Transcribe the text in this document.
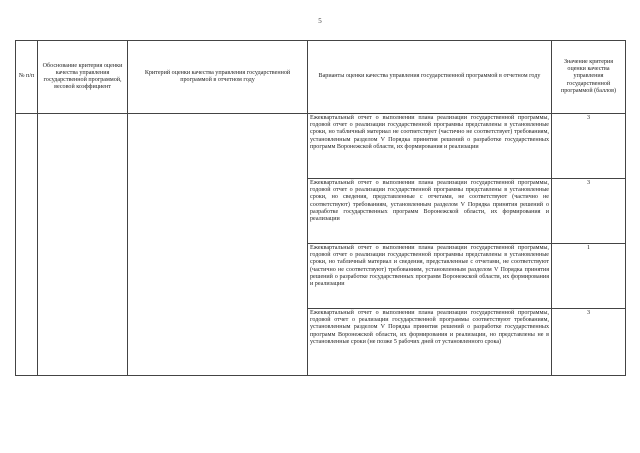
5
№ п/п	Обоснование критерия оценки качества управления государственной программой, весовой коэффициент	Критерий оценки качества управления государственной программой в отчетном году	Варианты оценки качества управления государственной программой в отчетном году	Значение критерия оценки качества управления государственной программой (баллов)
			Ежеквартальный отчет о выполнении плана реализации государственной программы, годовой отчет о реализации государственной программы представлены в установленные сроки, но табличный материал не соответствует (частично не соответствует) требованиям, установленным разделом V Порядка принятия решений о разработке государственных программ Воронежской области, их формирования и реализации	3
			Ежеквартальный отчет о выполнении плана реализации государственной программы, годовой отчет о реализации государственной программы представлены в установленные сроки, но сведения, представленные с отчетами, не соответствуют (частично не соответствуют) требованиям, установленным разделом V Порядка принятия решений о разработке государственных программ Воронежской области, их формирования и реализации	3
			Ежеквартальный отчет о выполнении плана реализации государственной программы, годовой отчет о реализации государственной программы представлены в установленные сроки, но табличный материал и сведения, представленные с отчетами, не соответствуют (частично не соответствуют) требованиям, установленным разделом V Порядка принятия решений о разработке государственных программ Воронежской области, их формирования и реализации	1
			Ежеквартальный отчет о выполнении плана реализации государственной программы, годовой отчет о реализации государственной программы соответствуют требованиям, установленным разделом V Порядка принятия решений о разработке государственных программ Воронежской области, их формирования и реализации, но представлены не в установленные сроки (не позже 5 рабочих дней от установленного срока)	3
